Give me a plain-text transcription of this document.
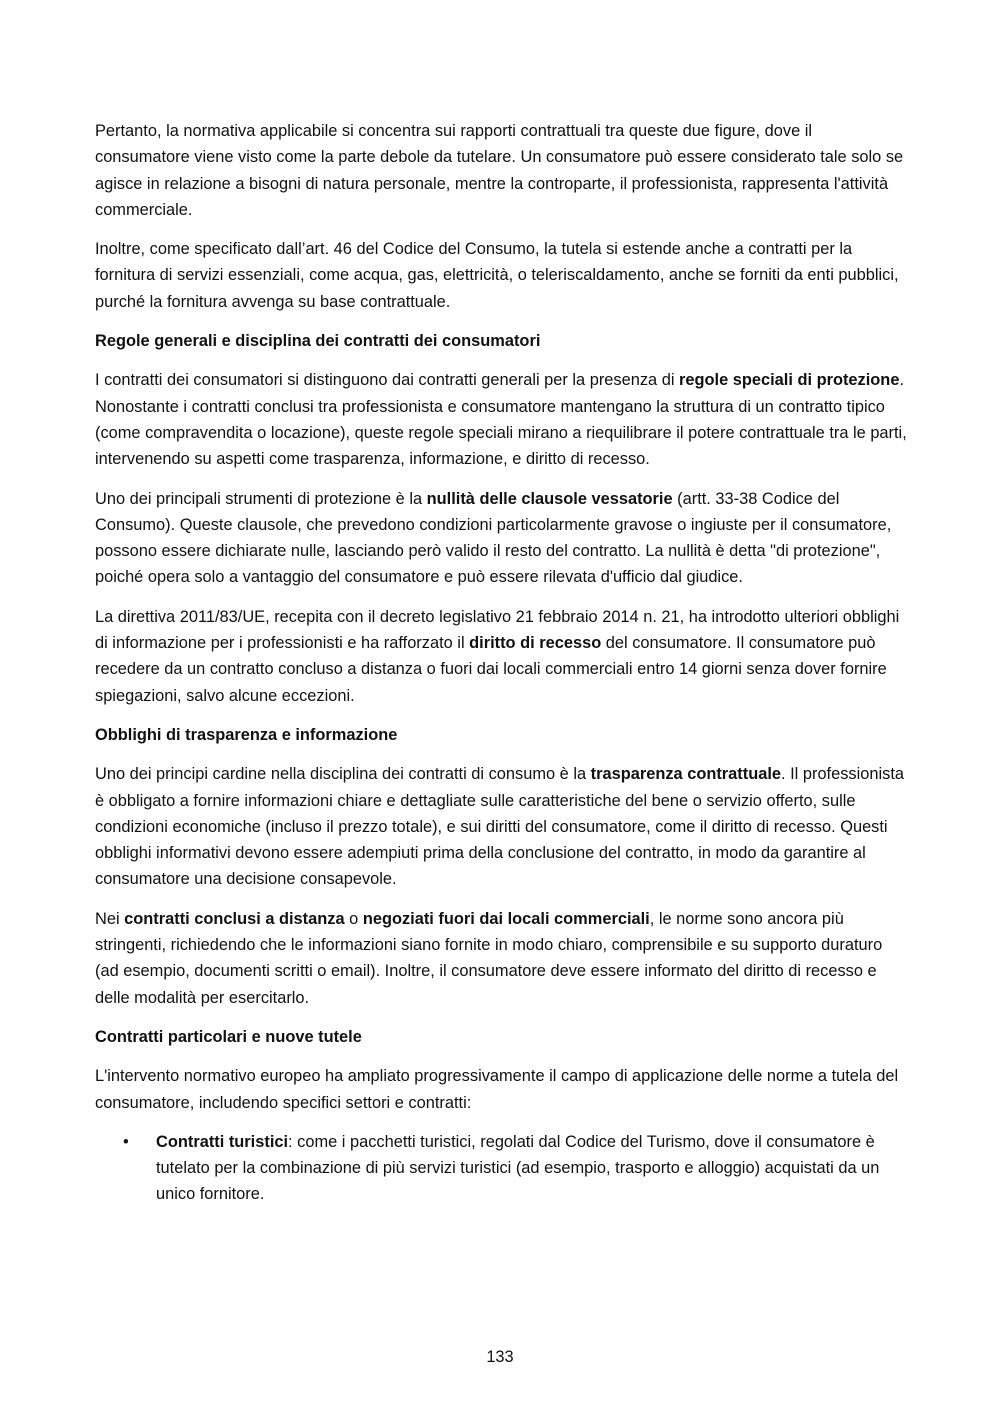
Pertanto, la normativa applicabile si concentra sui rapporti contrattuali tra queste due figure, dove il consumatore viene visto come la parte debole da tutelare. Un consumatore può essere considerato tale solo se agisce in relazione a bisogni di natura personale, mentre la controparte, il professionista, rappresenta l'attività commerciale.

Inoltre, come specificato dall’art. 46 del Codice del Consumo, la tutela si estende anche a contratti per la fornitura di servizi essenziali, come acqua, gas, elettricità, o teleriscaldamento, anche se forniti da enti pubblici, purché la fornitura avvenga su base contrattuale.

Regole generali e disciplina dei contratti dei consumatori

I contratti dei consumatori si distinguono dai contratti generali per la presenza di regole speciali di protezione. Nonostante i contratti conclusi tra professionista e consumatore mantengano la struttura di un contratto tipico (come compravendita o locazione), queste regole speciali mirano a riequilibrare il potere contrattuale tra le parti, intervenendo su aspetti come trasparenza, informazione, e diritto di recesso.

Uno dei principali strumenti di protezione è la nullità delle clausole vessatorie (artt. 33-38 Codice del Consumo). Queste clausole, che prevedono condizioni particolarmente gravose o ingiuste per il consumatore, possono essere dichiarate nulle, lasciando però valido il resto del contratto. La nullità è detta "di protezione", poiché opera solo a vantaggio del consumatore e può essere rilevata d'ufficio dal giudice.

La direttiva 2011/83/UE, recepita con il decreto legislativo 21 febbraio 2014 n. 21, ha introdotto ulteriori obblighi di informazione per i professionisti e ha rafforzato il diritto di recesso del consumatore. Il consumatore può recedere da un contratto concluso a distanza o fuori dai locali commerciali entro 14 giorni senza dover fornire spiegazioni, salvo alcune eccezioni.

Obblighi di trasparenza e informazione

Uno dei principi cardine nella disciplina dei contratti di consumo è la trasparenza contrattuale. Il professionista è obbligato a fornire informazioni chiare e dettagliate sulle caratteristiche del bene o servizio offerto, sulle condizioni economiche (incluso il prezzo totale), e sui diritti del consumatore, come il diritto di recesso. Questi obblighi informativi devono essere adempiuti prima della conclusione del contratto, in modo da garantire al consumatore una decisione consapevole.

Nei contratti conclusi a distanza o negoziati fuori dai locali commerciali, le norme sono ancora più stringenti, richiedendo che le informazioni siano fornite in modo chiaro, comprensibile e su supporto duraturo (ad esempio, documenti scritti o email). Inoltre, il consumatore deve essere informato del diritto di recesso e delle modalità per esercitarlo.

Contratti particolari e nuove tutele

L'intervento normativo europeo ha ampliato progressivamente il campo di applicazione delle norme a tutela del consumatore, includendo specifici settori e contratti:

• Contratti turistici: come i pacchetti turistici, regolati dal Codice del Turismo, dove il consumatore è tutelato per la combinazione di più servizi turistici (ad esempio, trasporto e alloggio) acquistati da un unico fornitore.
133
